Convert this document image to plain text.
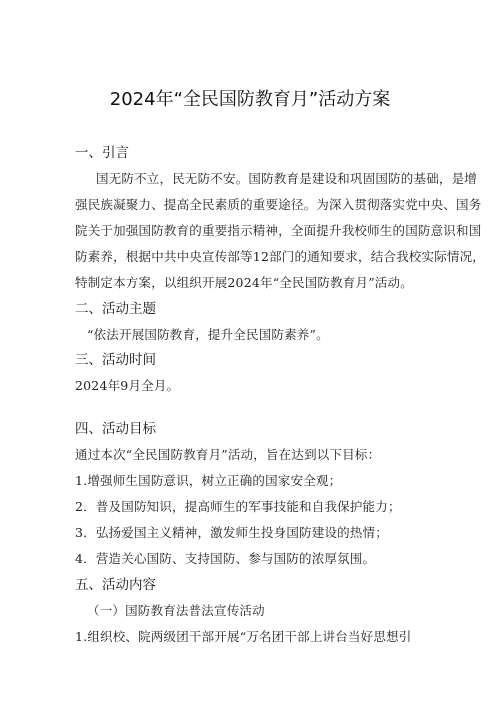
2024年“全民国防教育月”活动方案
一、引言
国无防不立，民无防不安。国防教育是建设和巩固国防的基础，是增
强民族凝聚力、提高全民素质的重要途径。为深入贯彻落实党中央、国务
院关于加强国防教育的重要指示精神，全面提升我校师生的国防意识和国
防素养，根据中共中央宣传部等12部门的通知要求，结合我校实际情况，
特制定本方案，以组织开展2024年“全民国防教育月”活动。
二、活动主题
“依法开展国防教育，提升全民国防素养”。
三、活动时间
2024年9月全月。
四、活动目标
通过本次“全民国防教育月”活动，旨在达到以下目标：
1.增强师生国防意识，树立正确的国家安全观；
2．普及国防知识，提高师生的军事技能和自我保护能力；
3．弘扬爱国主义精神，激发师生投身国防建设的热情；
4．营造关心国防、支持国防、参与国防的浓厚氛围。
五、活动内容
（一）国防教育法普法宣传活动
1.组织校、院两级团干部开展“万名团干部上讲台当好思想引
